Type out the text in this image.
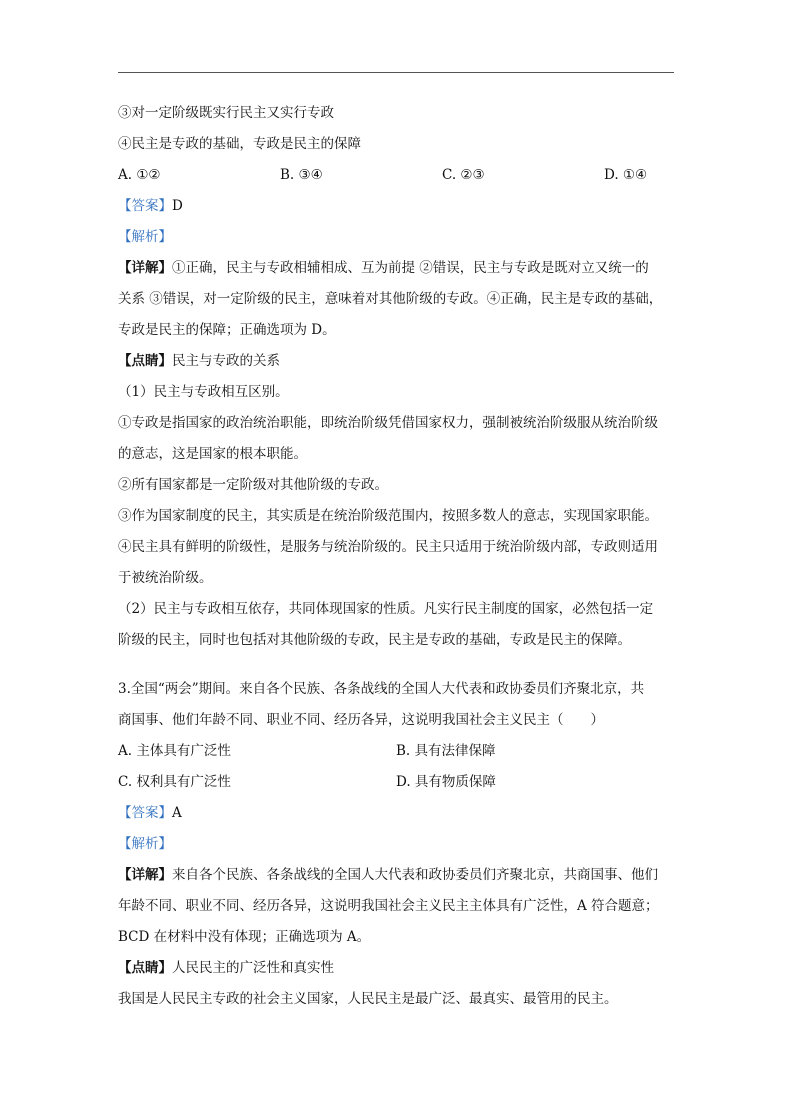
③对一定阶级既实行民主又实行专政
④民主是专政的基础，专政是民主的保障
A. ①②	B. ③④	C. ②③	D. ①④
【答案】D
【解析】
【详解】①正确，民主与专政相辅相成、互为前提 ②错误，民主与专政是既对立又统一的
关系 ③错误，对一定阶级的民主，意味着对其他阶级的专政。④正确，民主是专政的基础，
专政是民主的保障；正确选项为 D。
【点睛】民主与专政的关系
（1）民主与专政相互区别。
①专政是指国家的政治统治职能，即统治阶级凭借国家权力，强制被统治阶级服从统治阶级
的意志，这是国家的根本职能。
②所有国家都是一定阶级对其他阶级的专政。
③作为国家制度的民主，其实质是在统治阶级范围内，按照多数人的意志，实现国家职能。
④民主具有鲜明的阶级性，是服务与统治阶级的。民主只适用于统治阶级内部，专政则适用
于被统治阶级。
（2）民主与专政相互依存，共同体现国家的性质。凡实行民主制度的国家，必然包括一定
阶级的民主，同时也包括对其他阶级的专政，民主是专政的基础，专政是民主的保障。
3.全国“两会”期间。来自各个民族、各条战线的全国人大代表和政协委员们齐聚北京，共
商国事、他们年龄不同、职业不同、经历各异，这说明我国社会主义民主（　　）
A. 主体具有广泛性	B. 具有法律保障
C. 权利具有广泛性	D. 具有物质保障
【答案】A
【解析】
【详解】来自各个民族、各条战线的全国人大代表和政协委员们齐聚北京，共商国事、他们
年龄不同、职业不同、经历各异，这说明我国社会主义民主主体具有广泛性，A 符合题意；
BCD 在材料中没有体现；正确选项为 A。
【点睛】人民民主的广泛性和真实性
我国是人民民主专政的社会主义国家，人民民主是最广泛、最真实、最管用的民主。
